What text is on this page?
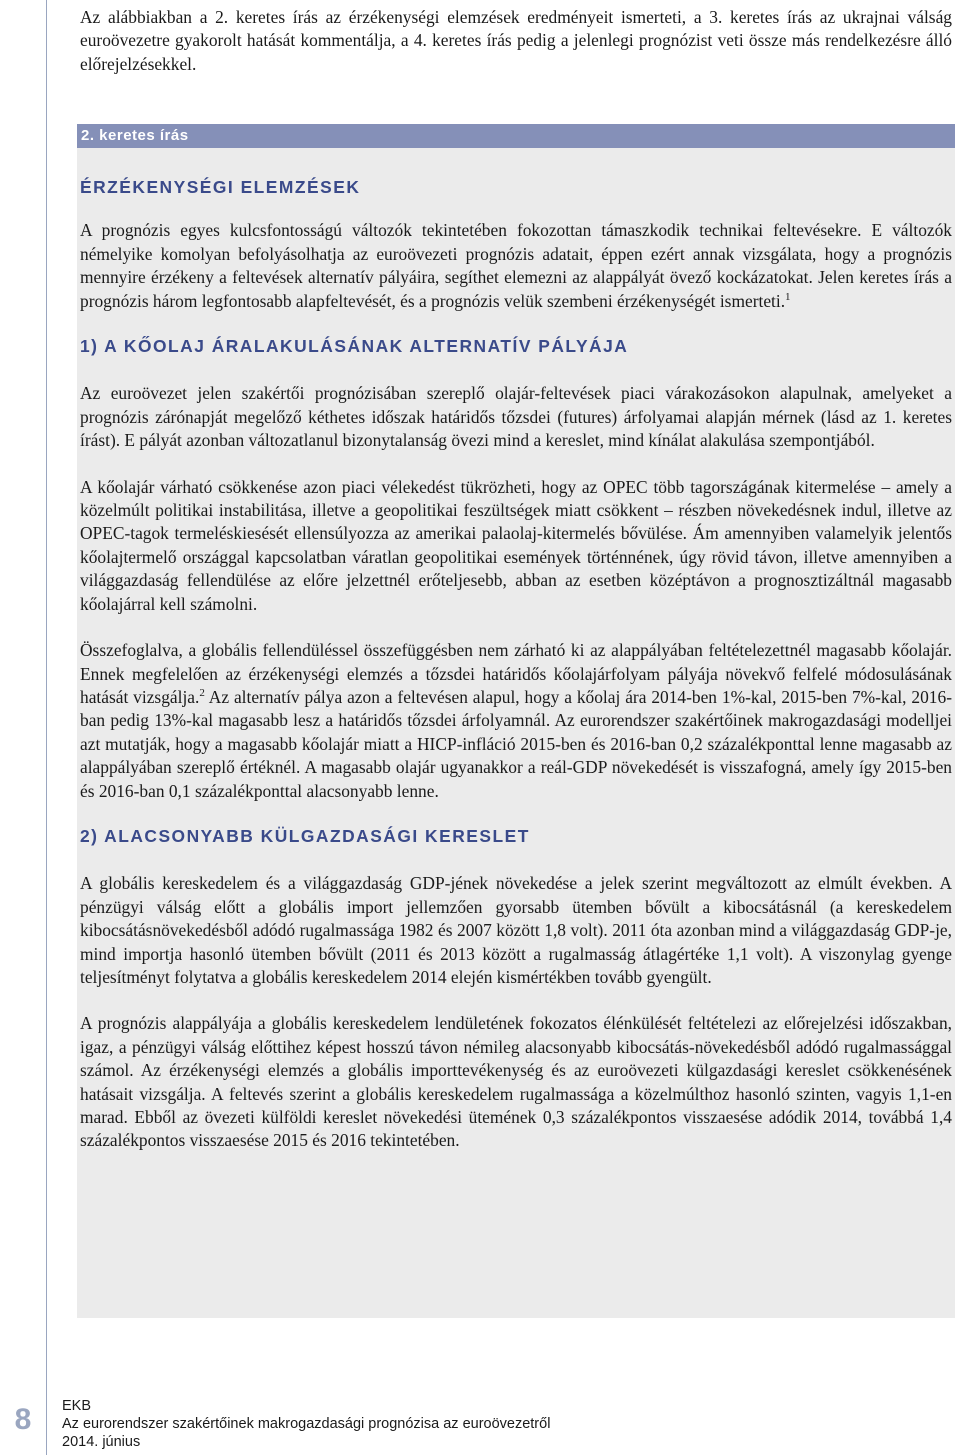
Az alábbiakban a 2. keretes írás az érzékenységi elemzések eredményeit ismerteti, a 3. keretes írás az ukrajnai válság euroövezetre gyakorolt hatását kommentálja, a 4. keretes írás pedig a jelenlegi prognózist veti össze más rendelkezésre álló előrejelzésekkel.

2. keretes írás

ÉRZÉKENYSÉGI ELEMZÉSEK

A prognózis egyes kulcsfontosságú változók tekintetében fokozottan támaszkodik technikai feltevésekre. E változók némelyike komolyan befolyásolhatja az euroövezeti prognózis adatait, éppen ezért annak vizsgálata, hogy a prognózis mennyire érzékeny a feltevések alternatív pályáira, segíthet elemezni az alappályát övező kockázatokat. Jelen keretes írás a prognózis három legfontosabb alapfeltevését, és a prognózis velük szembeni érzékenységét ismerteti.$^1$

1) A KŐOLAJ ÁRALAKULÁSÁNAK ALTERNATÍV PÁLYÁJA

Az euroövezet jelen szakértői prognózisában szereplő olajár-feltevések piaci várakozásokon alapulnak, amelyeket a prognózis zárónapját megelőző kéthetes időszak határidős tőzsdei (futures) árfolyamai alapján mérnek (lásd az 1. keretes írást). E pályát azonban változatlanul bizonytalanság övezi mind a kereslet, mind kínálat alakulása szempontjából.

A kőolajár várható csökkenése azon piaci vélekedést tükrözheti, hogy az OPEC több tagországának kitermelése – amely a közelmúlt politikai instabilitása, illetve a geopolitikai feszültségek miatt csökkent – részben növekedésnek indul, illetve az OPEC-tagok termeléskiesését ellensúlyozza az amerikai palaolaj-kitermelés bővülése. Ám amennyiben valamelyik jelentős kőolajtermelő országgal kapcsolatban váratlan geopolitikai események történnének, úgy rövid távon, illetve amennyiben a világgazdaság fellendülése az előre jelzettnél erőteljesebb, abban az esetben középtávon a prognosztizáltnál magasabb kőolajárral kell számolni.

Összefoglalva, a globális fellendüléssel összefüggésben nem zárható ki az alappályában feltételezettnél magasabb kőolajár. Ennek megfelelően az érzékenységi elemzés a tőzsdei határidős kőolajárfolyam pályája növekvő felfelé módosulásának hatását vizsgálja.$^2$ Az alternatív pálya azon a feltevésen alapul, hogy a kőolaj ára 2014-ben 1%-kal, 2015-ben 7%-kal, 2016-ban pedig 13%-kal magasabb lesz a határidős tőzsdei árfolyamnál. Az eurorendszer szakértőinek makrogazdasági modelljei azt mutatják, hogy a magasabb kőolajár miatt a HICP-infláció 2015-ben és 2016-ban 0,2 százalékponttal lenne magasabb az alappályában szereplő értéknél. A magasabb olajár ugyanakkor a reál-GDP növekedését is visszafogná, amely így 2015-ben és 2016-ban 0,1 százalékponttal alacsonyabb lenne.

2) ALACSONYABB KÜLGAZDASÁGI KERESLET

A globális kereskedelem és a világgazdaság GDP-jének növekedése a jelek szerint megváltozott az elmúlt években. A pénzügyi válság előtt a globális import jellemzően gyorsabb ütemben bővült a kibocsátásnál (a kereskedelem kibocsátásnövekedésből adódó rugalmassága 1982 és 2007 között 1,8 volt). 2011 óta azonban mind a világgazdaság GDP-je, mind importja hasonló ütemben bővült (2011 és 2013 között a rugalmasság átlagértéke 1,1 volt). A viszonylag gyenge teljesítményt folytatva a globális kereskedelem 2014 elején kismértékben tovább gyengült.

A prognózis alappályája a globális kereskedelem lendületének fokozatos élénkülését feltételezi az előrejelzési időszakban, igaz, a pénzügyi válság előttihez képest hosszú távon némileg alacsonyabb kibocsátás-növekedésből adódó rugalmassággal számol. Az érzékenységi elemzés a globális importtevékenység és az euroövezeti külgazdasági kereslet csökkenésének hatásait vizsgálja. A feltevés szerint a globális kereskedelem rugalmassága a közelmúlthoz hasonló szinten, vagyis 1,1-en marad. Ebből az övezeti külföldi kereslet növekedési ütemének 0,3 százalékpontos visszaesése adódik 2014, továbbá 1,4 százalékpontos visszaesése 2015 és 2016 tekintetében.

8	EKB
Az eurorendszer szakértőinek makrogazdasági prognózisa az euroövezetről
2014. június
